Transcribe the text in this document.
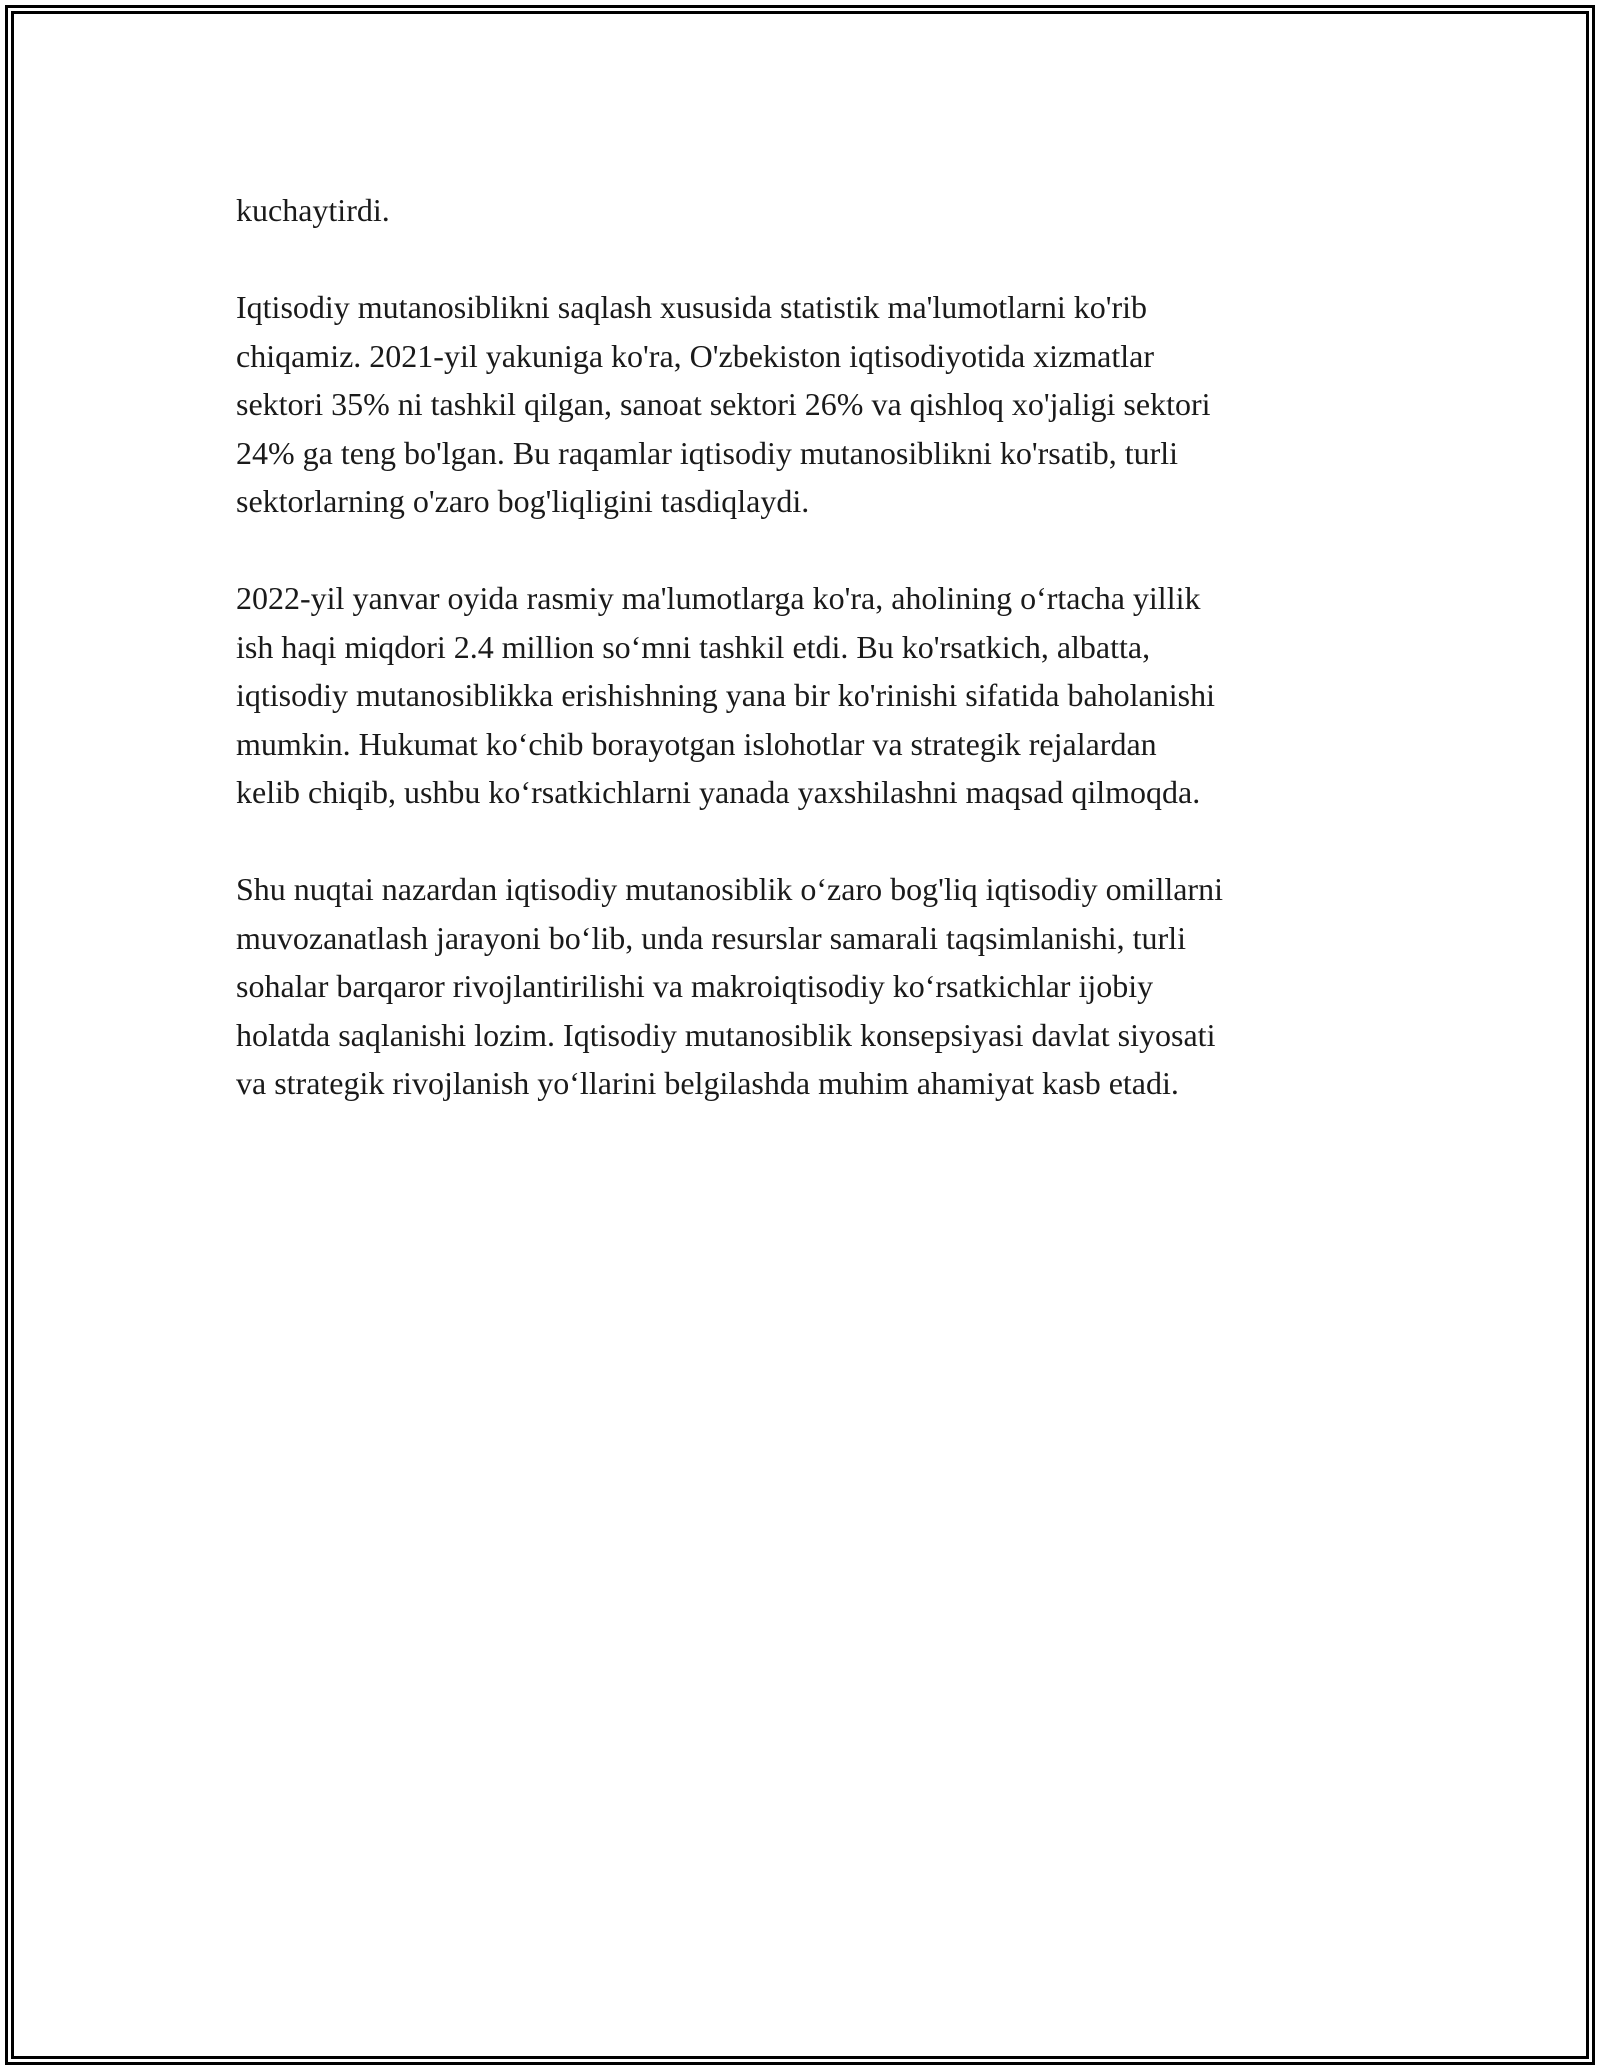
kuchaytirdi.

Iqtisodiy mutanosiblikni saqlash xususida statistik ma'lumotlarni ko'rib
chiqamiz. 2021-yil yakuniga ko'ra, O'zbekiston iqtisodiyotida xizmatlar
sektori 35% ni tashkil qilgan, sanoat sektori 26% va qishloq xo'jaligi sektori
24% ga teng bo'lgan. Bu raqamlar iqtisodiy mutanosiblikni ko'rsatib, turli
sektorlarning o'zaro bog'liqligini tasdiqlaydi.

2022-yil yanvar oyida rasmiy ma'lumotlarga ko'ra, aholining o‘rtacha yillik
ish haqi miqdori 2.4 million so‘mni tashkil etdi. Bu ko'rsatkich, albatta,
iqtisodiy mutanosiblikka erishishning yana bir ko'rinishi sifatida baholanishi
mumkin. Hukumat ko‘chib borayotgan islohotlar va strategik rejalardan
kelib chiqib, ushbu ko‘rsatkichlarni yanada yaxshilashni maqsad qilmoqda.

Shu nuqtai nazardan iqtisodiy mutanosiblik o‘zaro bog'liq iqtisodiy omillarni
muvozanatlash jarayoni bo‘lib, unda resurslar samarali taqsimlanishi, turli
sohalar barqaror rivojlantirilishi va makroiqtisodiy ko‘rsatkichlar ijobiy
holatda saqlanishi lozim. Iqtisodiy mutanosiblik konsepsiyasi davlat siyosati
va strategik rivojlanish yo‘llarini belgilashda muhim ahamiyat kasb etadi.
